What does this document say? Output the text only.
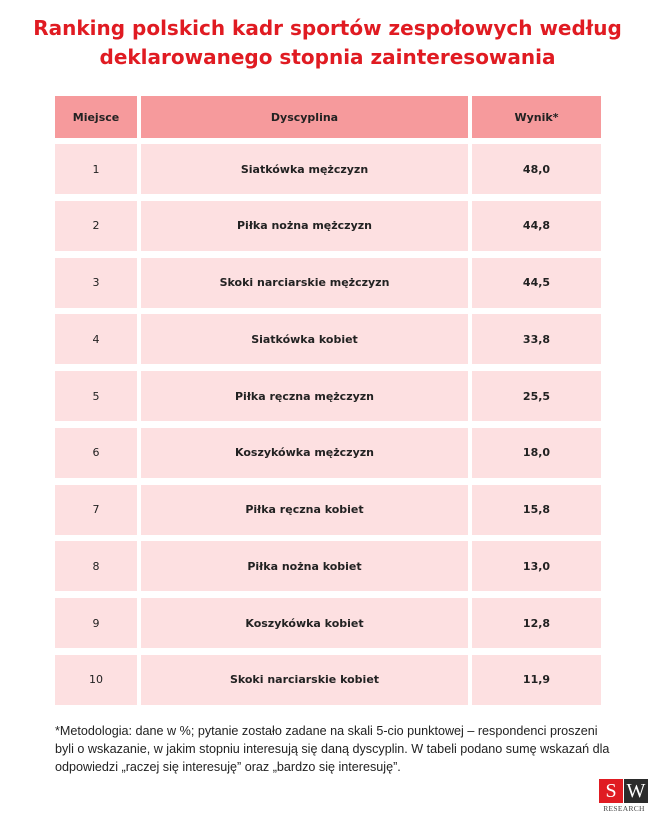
Ranking polskich kadr sportów zespołowych według
deklarowanego stopnia zainteresowania
Miejsce	Dyscyplina	Wynik*
1	Siatkówka mężczyzn	48,0
2	Piłka nożna mężczyzn	44,8
3	Skoki narciarskie mężczyzn	44,5
4	Siatkówka kobiet	33,8
5	Piłka ręczna mężczyzn	25,5
6	Koszykówka mężczyzn	18,0
7	Piłka ręczna kobiet	15,8
8	Piłka nożna kobiet	13,0
9	Koszykówka kobiet	12,8
10	Skoki narciarskie kobiet	11,9
*Metodologia: dane w %; pytanie zostało zadane na skali 5-cio punktowej – respondenci proszeni byli o wskazanie, w jakim stopniu interesują się daną dyscyplin. W tabeli podano sumę wskazań dla odpowiedzi „raczej się interesuję” oraz „bardzo się interesuję”.
S W
RESEARCH
